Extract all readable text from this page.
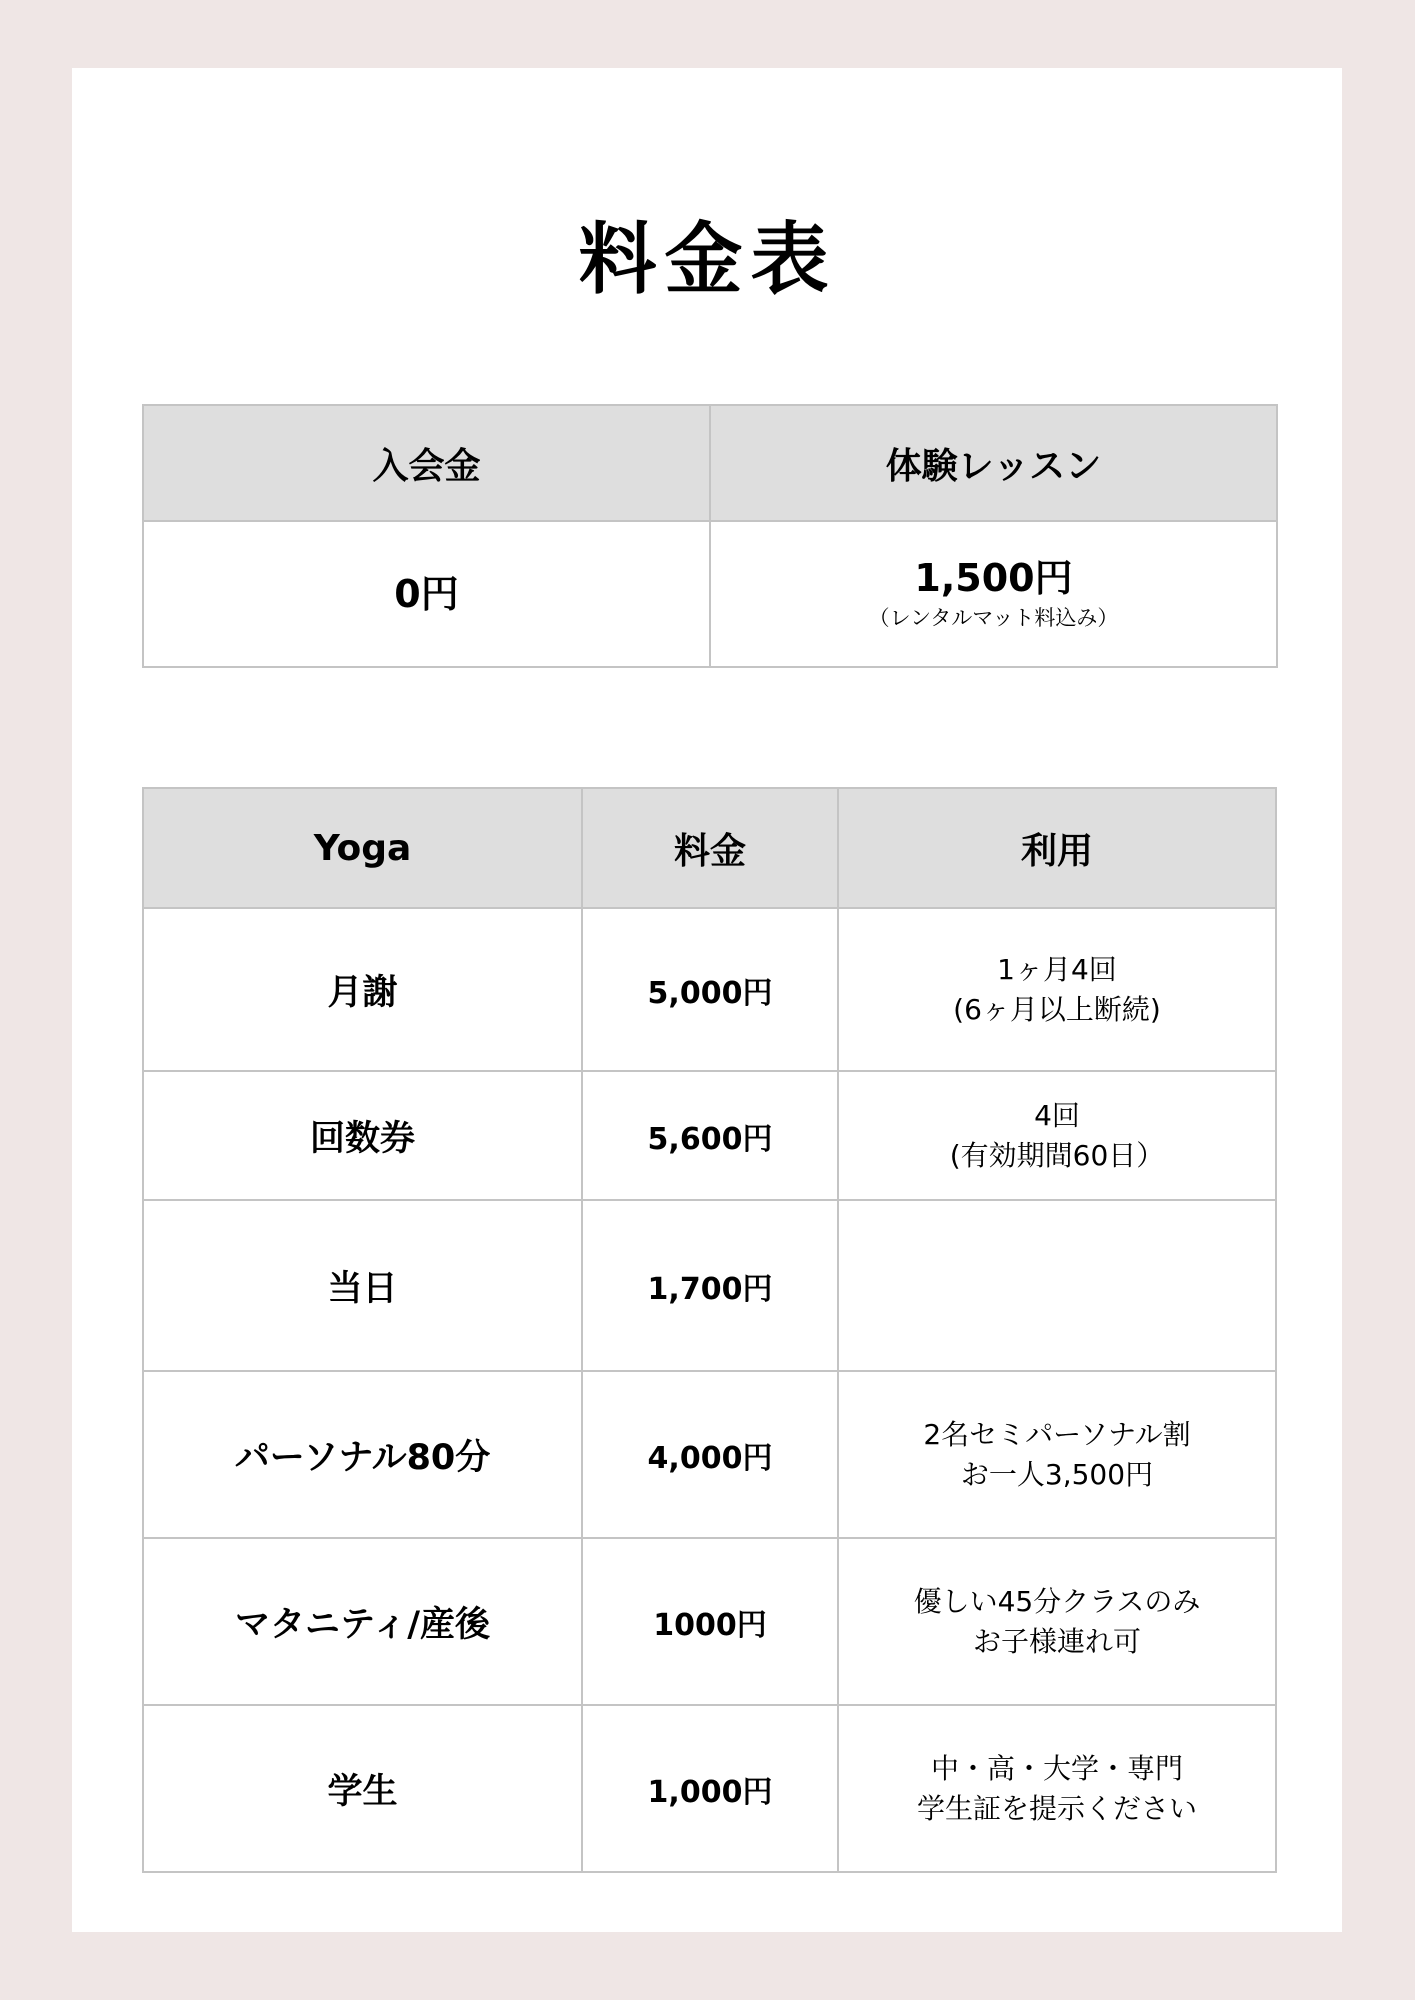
料金表
入会金	体験レッスン

0円	1,500円
（レンタルマット料込み）
Yoga	料金	利用
月謝	5,000円	1ヶ月4回
(6ヶ月以上断続)

回数券	5,600円	4回
(有効期間60日）

当日	1,700円	

パーソナル80分	4,000円	2名セミパーソナル割
お一人3,500円

マタニティ/産後	1000円	優しい45分クラスのみ
お子様連れ可

学生	1,000円	中・高・大学・専門
学生証を提示ください
